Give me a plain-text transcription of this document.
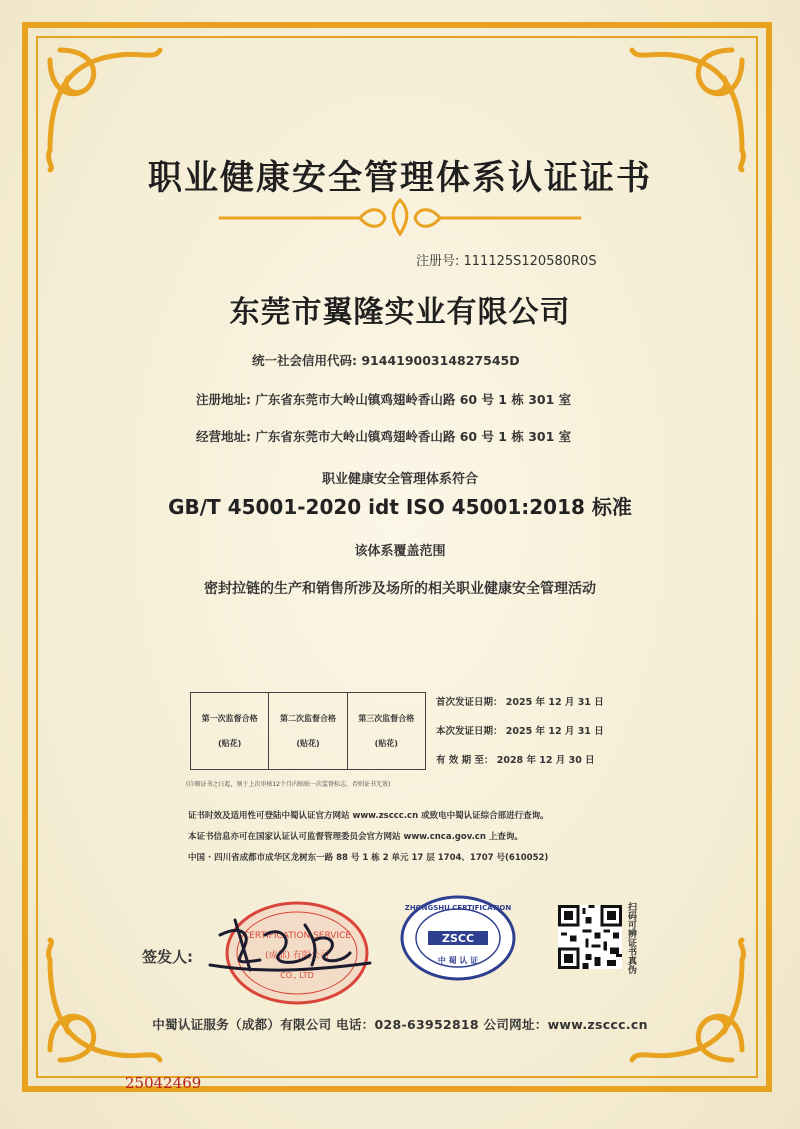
职业健康安全管理体系认证证书
注册号: 111125S120580R0S
东莞市翼隆实业有限公司
统一社会信用代码: 91441900314827545D
注册地址: 广东省东莞市大岭山镇鸡翅岭香山路 60 号 1 栋 301 室
经营地址: 广东省东莞市大岭山镇鸡翅岭香山路 60 号 1 栋 301 室
职业健康安全管理体系符合
GB/T 45001-2020 idt ISO 45001:2018 标准
该体系覆盖范围
密封拉链的生产和销售所涉及场所的相关职业健康安全管理活动
第一次监督合格
(贴花)
第二次监督合格
(贴花)
第三次监督合格
(贴花)
(自颁证书之日起，须于上次审核12个月内贴贴一次监督标志，否则证书无效)
首次发证日期： 2025 年 12 月 31 日
本次发证日期： 2025 年 12 月 31 日
有 效 期 至： 2028 年 12 月 30 日
证书时效及适用性可登陆中蜀认证官方网站 www.zsccc.cn 或致电中蜀认证综合部进行查询。
本证书信息亦可在国家认证认可监督管理委员会官方网站 www.cnca.gov.cn 上查询。
中国 · 四川省成都市成华区龙树东一路 88 号 1 栋 2 单元 17 层 1704、1707 号(610052)
签发人:
CERTIFICATION SERVICE
(成都) 有限公司
CO., LTD
ZSCC
ZHONGSHU CERTIFICATION
中 蜀 认 证	扫码可辨证书真伪
中蜀认证服务（成都）有限公司 电话：028-63952818 公司网址：www.zsccc.cn
25042469
